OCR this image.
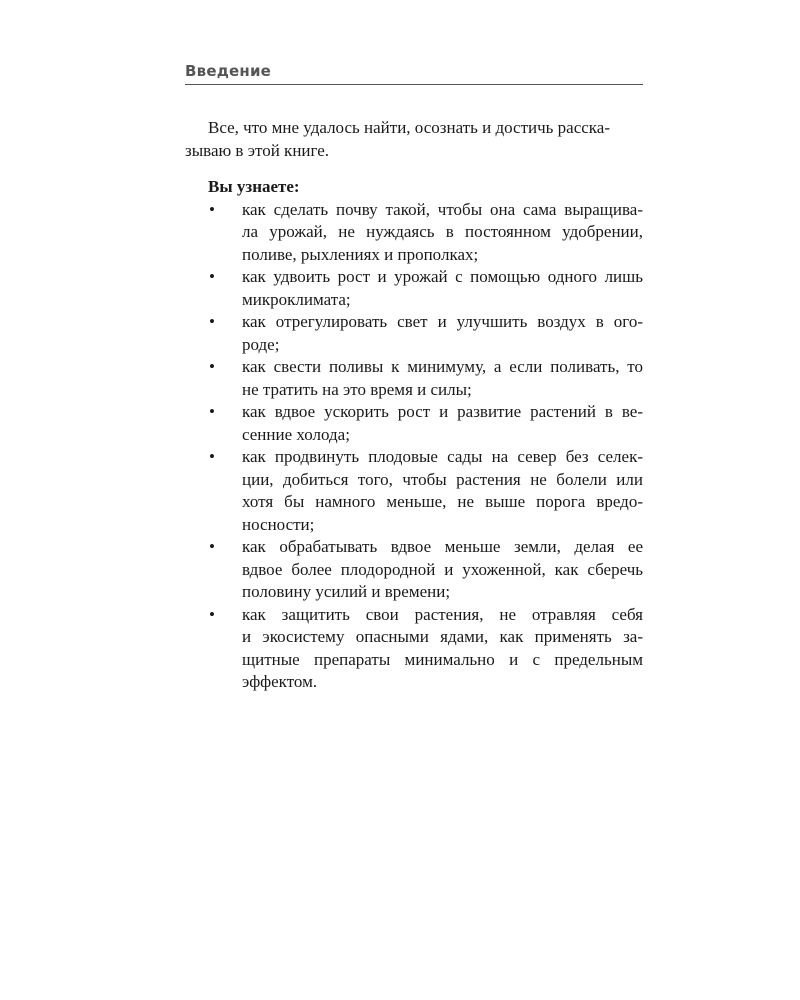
Введение

Все, что мне удалось найти, осознать и достичь расска-
зываю в этой книге.

Вы узнаете:
• как сделать почву такой, чтобы она сама выращива-
ла урожай, не нуждаясь в постоянном удобрении,
поливе, рыхлениях и прополках;
• как удвоить рост и урожай с помощью одного лишь
микроклимата;
• как отрегулировать свет и улучшить воздух в ого-
роде;
• как свести поливы к минимуму, а если поливать, то
не тратить на это время и силы;
• как вдвое ускорить рост и развитие растений в ве-
сенние холода;
• как продвинуть плодовые сады на север без селек-
ции, добиться того, чтобы растения не болели или
хотя бы намного меньше, не выше порога вредо-
носности;
• как обрабатывать вдвое меньше земли, делая ее
вдвое более плодородной и ухоженной, как сберечь
половину усилий и времени;
• как защитить свои растения, не отравляя себя
и экосистему опасными ядами, как применять за-
щитные препараты минимально и с предельным
эффектом.
